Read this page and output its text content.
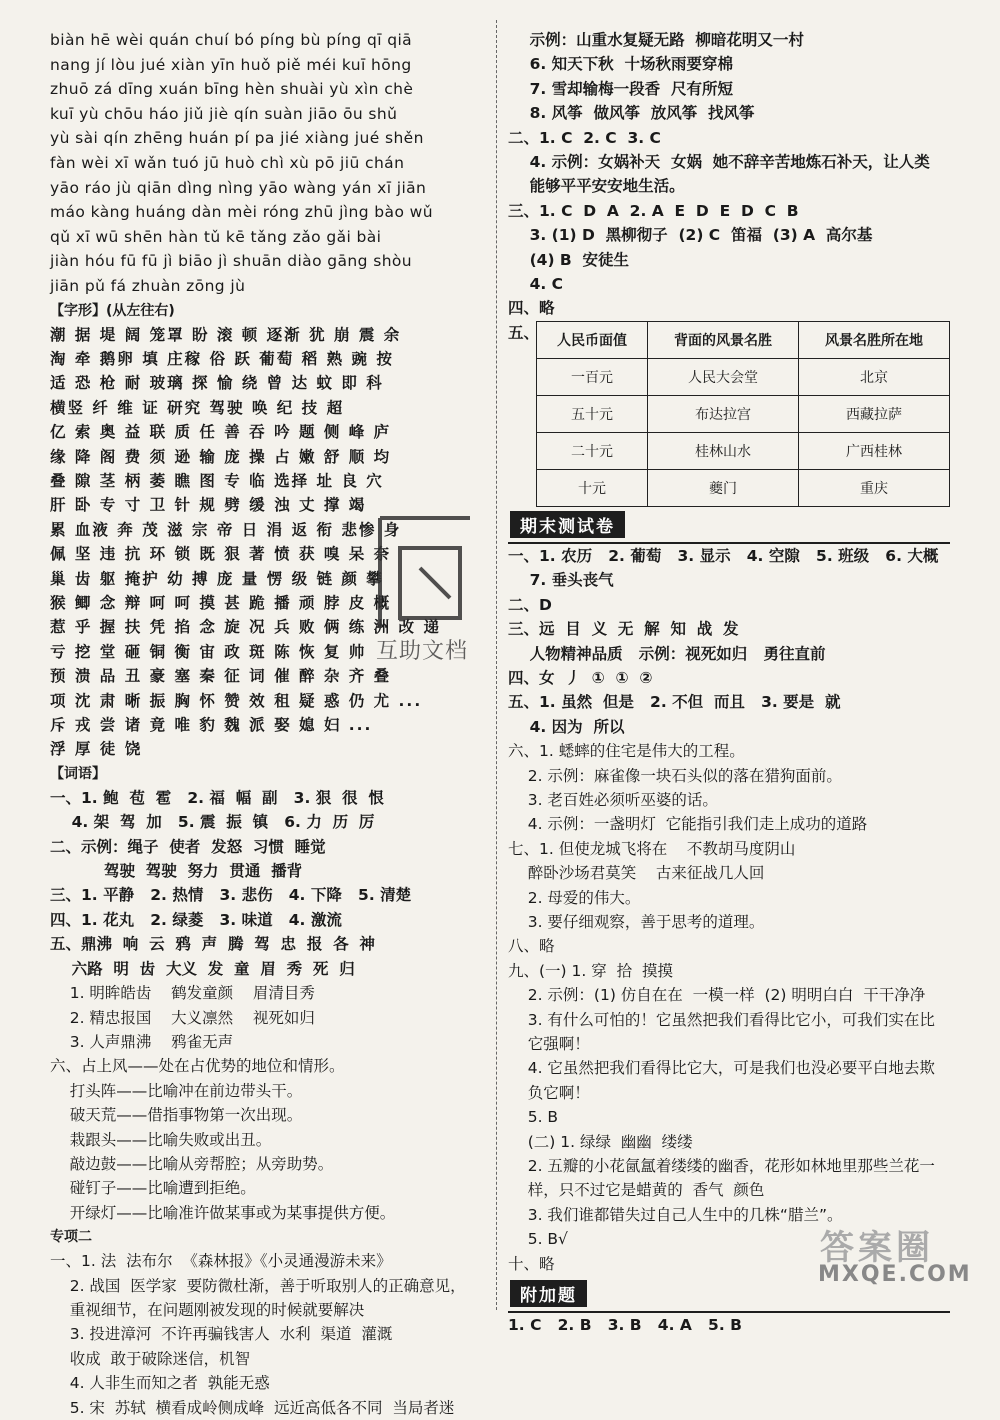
biàn hē wèi quán chuí bó píng bù píng qī qiā
nang jí lòu jué xiàn yīn huǒ piě méi kuī hōng
zhuō zá dīng xuán bīng hèn shuài yù xìn chè
kuī yù chōu háo jiǔ jiè qín suàn jiāo ōu shǔ
yù sài qín zhēng huán pí pa jié xiàng jué shěn
fàn wèi xī wǎn tuó jū huò chì xù pō jiū chán
yāo ráo jù qiān dìng nìng yāo wàng yán xī jiān
máo kàng huáng dàn mèi róng zhū jìng bào wǔ
qǔ xī wū shēn hàn tǔ kē tǎng zǎo gǎi bài
jiàn hóu fū fū jì biāo jì shuān diào gāng shòu
jiān pǔ fá zhuàn zōng jù
【字形】(从左往右)
潮 据 堤 阔 笼罩 盼 滚 顿 逐渐 犹 崩 震 余
淘 牵 鹅卵 填 庄稼 俗 跃 葡萄 稻 熟 豌 按
适 恐 枪 耐 玻璃 探 愉 绕 曾 达 蚊 即 科
横竖 纤 维 证 研究 驾驶 唤 纪 技 超
亿 索 奥 益 联 质 任 善 吞 吟 题 侧 峰 庐
缘 降 阁 费 须 逊 输 庞 操 占 嫩 舒 顺 均
叠 隙 茎 柄 萎 瞧 图 专 临 选择 址 良 穴
肝 卧 专 寸 卫 针 规 劈 缓 浊 丈 撑 竭
累 血液 奔 茂 滋 宗 帝 日 涓 返 衔 悲惨 身
佩 坚 违 抗 环 锁 既 狠 著 愤 获 嗅 呆 奈
巢 齿 躯 掩护 幼 搏 庞 量 愣 级 链 颜 攀
猴 鲫 念 辩 呵 呵 摸 甚 跪 播 顽 脖 皮 概
惹 乎 握 扶 凭 掐 念 旋 况 兵 败 俩 练 洲 改 递
亏 挖 堂 砸 铜 衡 宙 政 斑 陈 恢 复 帅
预 溃 品 丑 豪 塞 秦 征 词 催 醉 杂 齐 叠
项 沈 肃 晰 振 胸 怀 赞 效 租 疑 惑 仍 尤 ...
斥 戎 尝 诸 竟 唯 豹 魏 派 娶 媳 妇 ...
浮 厚 徒 饶
【词语】
一、1. 鲍  苞  雹   2. 福  幅  副   3. 狠  很  恨
4. 架  驾  加   5. 震  振  镇   6. 力  历  厉
二、示例：绳子  使者  发怒  习惯  睡觉
驾驶  驾驶  努力  贯通  播背
三、1. 平静   2. 热情   3. 悲伤   4. 下降   5. 清楚
四、1. 花丸   2. 绿菱   3. 味道   4. 激流
五、鼎沸  响  云  鸦  声  腾  驾  忠  报  各  神
六路  明  齿  大义  发  童  眉  秀  死  归
1. 明眸皓齿    鹤发童颜    眉清目秀
2. 精忠报国    大义凛然    视死如归
3. 人声鼎沸    鸦雀无声
六、占上风——处在占优势的地位和情形。
打头阵——比喻冲在前边带头干。
破天荒——借指事物第一次出现。
栽跟头——比喻失败或出丑。
敲边鼓——比喻从旁帮腔；从旁助势。
碰钉子——比喻遭到拒绝。
开绿灯——比喻准许做某事或为某事提供方便。
专项二
一、1. 法  法布尔  《森林报》《小灵通漫游未来》
2. 战国  医学家  要防微杜渐，善于听取别人的正确意见，
重视细节，在问题刚被发现的时候就要解决
3. 投进漳河  不许再骗钱害人  水利  渠道  灌溉
收成  敢于破除迷信，机智
4. 人非生而知之者  孰能无惑
5. 宋  苏轼  横看成岭侧成峰  远近高低各不同  当局者迷
示例：山重水复疑无路  柳暗花明又一村
6. 知天下秋  十场秋雨要穿棉
7. 雪却输梅一段香  尺有所短
8. 风筝  做风筝  放风筝  找风筝
二、1. C  2. C  3. C
4. 示例：女娲补天  女娲  她不辞辛苦地炼石补天，让人类
能够平平安安地生活。
三、1. C  D  A  2. A  E  D  E  D  C  B
3. (1) D  黑柳彻子  (2) C  笛福  (3) A  高尔基
(4) B  安徒生
4. C
四、略
五、 人民币面值	背面的风景名胜	风景名胜所在地
一百元	人民大会堂	北京
五十元	布达拉宫	西藏拉萨
二十元	桂林山水	广西桂林
十元	夔门	重庆
期末测试卷
一、1. 农历   2. 葡萄   3. 显示   4. 空隙   5. 班级   6. 大概
7. 垂头丧气
二、D
三、远  目  义  无  解  知  战  发
人物精神品质   示例：视死如归   勇往直前
四、女  丿  ①  ①  ②
五、1. 虽然  但是   2. 不但  而且   3. 要是  就
4. 因为  所以
六、1. 蟋蟀的住宅是伟大的工程。
2. 示例：麻雀像一块石头似的落在猎狗面前。
3. 老百姓必须听巫婆的话。
4. 示例：一盏明灯  它能指引我们走上成功的道路
七、1. 但使龙城飞将在    不教胡马度阴山
醉卧沙场君莫笑    古来征战几人回
2. 母爱的伟大。
3. 要仔细观察，善于思考的道理。
八、略
九、(一) 1. 穿  拾  摸摸
2. 示例：(1) 仿自在在  一模一样  (2) 明明白白  干干净净
3. 有什么可怕的！它虽然把我们看得比它小，可我们实在比
它强啊！
4. 它虽然把我们看得比它大，可是我们也没必要平白地去欺
负它啊！
5. B
(二) 1. 绿绿  幽幽  缕缕
2. 五瓣的小花氤氲着缕缕的幽香，花形如林地里那些兰花一
样，只不过它是蜡黄的  香气  颜色
3. 我们谁都错失过自己人生中的几株“腊兰”。
5. B√
十、略
附加题
1. C   2. B   3. B   4. A   5. B
互助文档
答案圈
MXQE.COM
